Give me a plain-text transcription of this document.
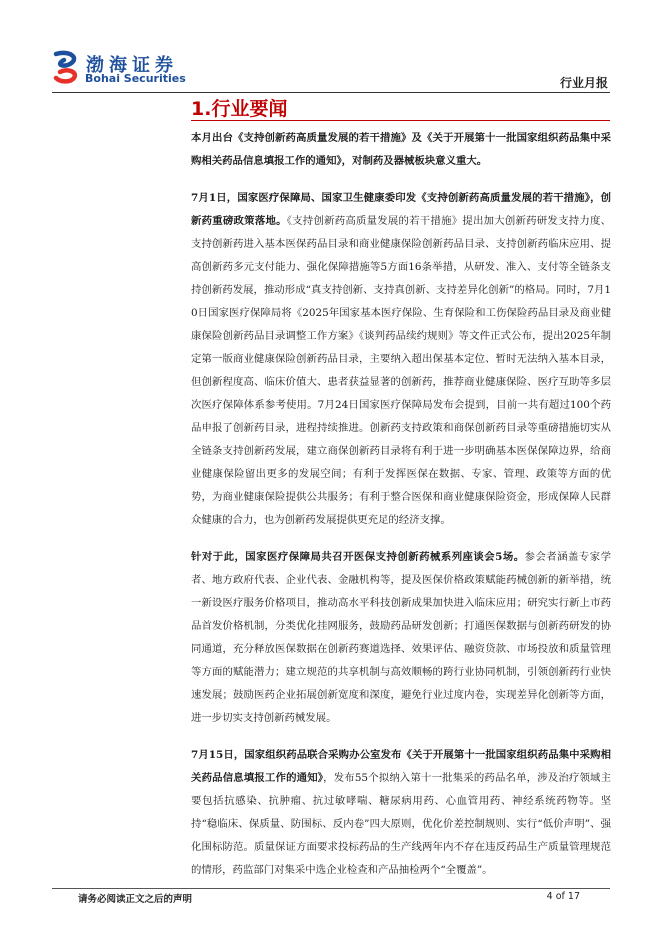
渤海证券
Bohai Securities	行业月报
1.行业要闻

本月出台《支持创新药高质量发展的若干措施》及《关于开展第十一批国家组织药品集中采购相关药品信息填报工作的通知》，对制药及器械板块意义重大。

7月1日，国家医疗保障局、国家卫生健康委印发《支持创新药高质量发展的若干措施》，创新药重磅政策落地。《支持创新药高质量发展的若干措施》提出加大创新药研发支持力度、支持创新药进入基本医保药品目录和商业健康保险创新药品目录、支持创新药临床应用、提高创新药多元支付能力、强化保障措施等5方面16条举措，从研发、准入、支付等全链条支持创新药发展，推动形成“真支持创新、支持真创新、支持差异化创新”的格局。同时，7月10日国家医疗保障局将《2025年国家基本医疗保险、生育保险和工伤保险药品目录及商业健康保险创新药品目录调整工作方案》《谈判药品续约规则》等文件正式公布，提出2025年制定第一版商业健康保险创新药品目录，主要纳入超出保基本定位、暂时无法纳入基本目录，但创新程度高、临床价值大、患者获益显著的创新药，推荐商业健康保险、医疗互助等多层次医疗保障体系参考使用。7月24日国家医疗保障局发布会提到，目前一共有超过100个药品申报了创新药目录，进程持续推进。创新药支持政策和商保创新药目录等重磅措施切实从全链条支持创新药发展，建立商保创新药目录将有利于进一步明确基本医保保障边界，给商业健康保险留出更多的发展空间；有利于发挥医保在数据、专家、管理、政策等方面的优势，为商业健康保险提供公共服务；有利于整合医保和商业健康保险资金，形成保障人民群众健康的合力，也为创新药发展提供更充足的经济支撑。

针对于此，国家医疗保障局共召开医保支持创新药械系列座谈会5场。参会者涵盖专家学者、地方政府代表、企业代表、金融机构等，提及医保价格政策赋能药械创新的新举措，统一新设医疗服务价格项目，推动高水平科技创新成果加快进入临床应用；研究实行新上市药品首发价格机制，分类优化挂网服务，鼓励药品研发创新；打通医保数据与创新药研发的协同通道，充分释放医保数据在创新药赛道选择、效果评估、融资贷款、市场投放和质量管理等方面的赋能潜力；建立规范的共享机制与高效顺畅的跨行业协同机制，引领创新药行业快速发展；鼓励医药企业拓展创新宽度和深度，避免行业过度内卷，实现差异化创新等方面，进一步切实支持创新药械发展。

7月15日，国家组织药品联合采购办公室发布《关于开展第十一批国家组织药品集中采购相关药品信息填报工作的通知》，发布55个拟纳入第十一批集采的药品名单，涉及治疗领域主要包括抗感染、抗肿瘤、抗过敏哮喘、糖尿病用药、心血管用药、神经系统药物等。坚持“稳临床、保质量、防围标、反内卷”四大原则，优化价差控制规则、实行“低价声明”、强化围标防范。质量保证方面要求投标药品的生产线两年内不存在违反药品生产质量管理规范的情形，药监部门对集采中选企业检查和产品抽检两个“全覆盖”。

请务必阅读正文之后的声明	4 of 17
